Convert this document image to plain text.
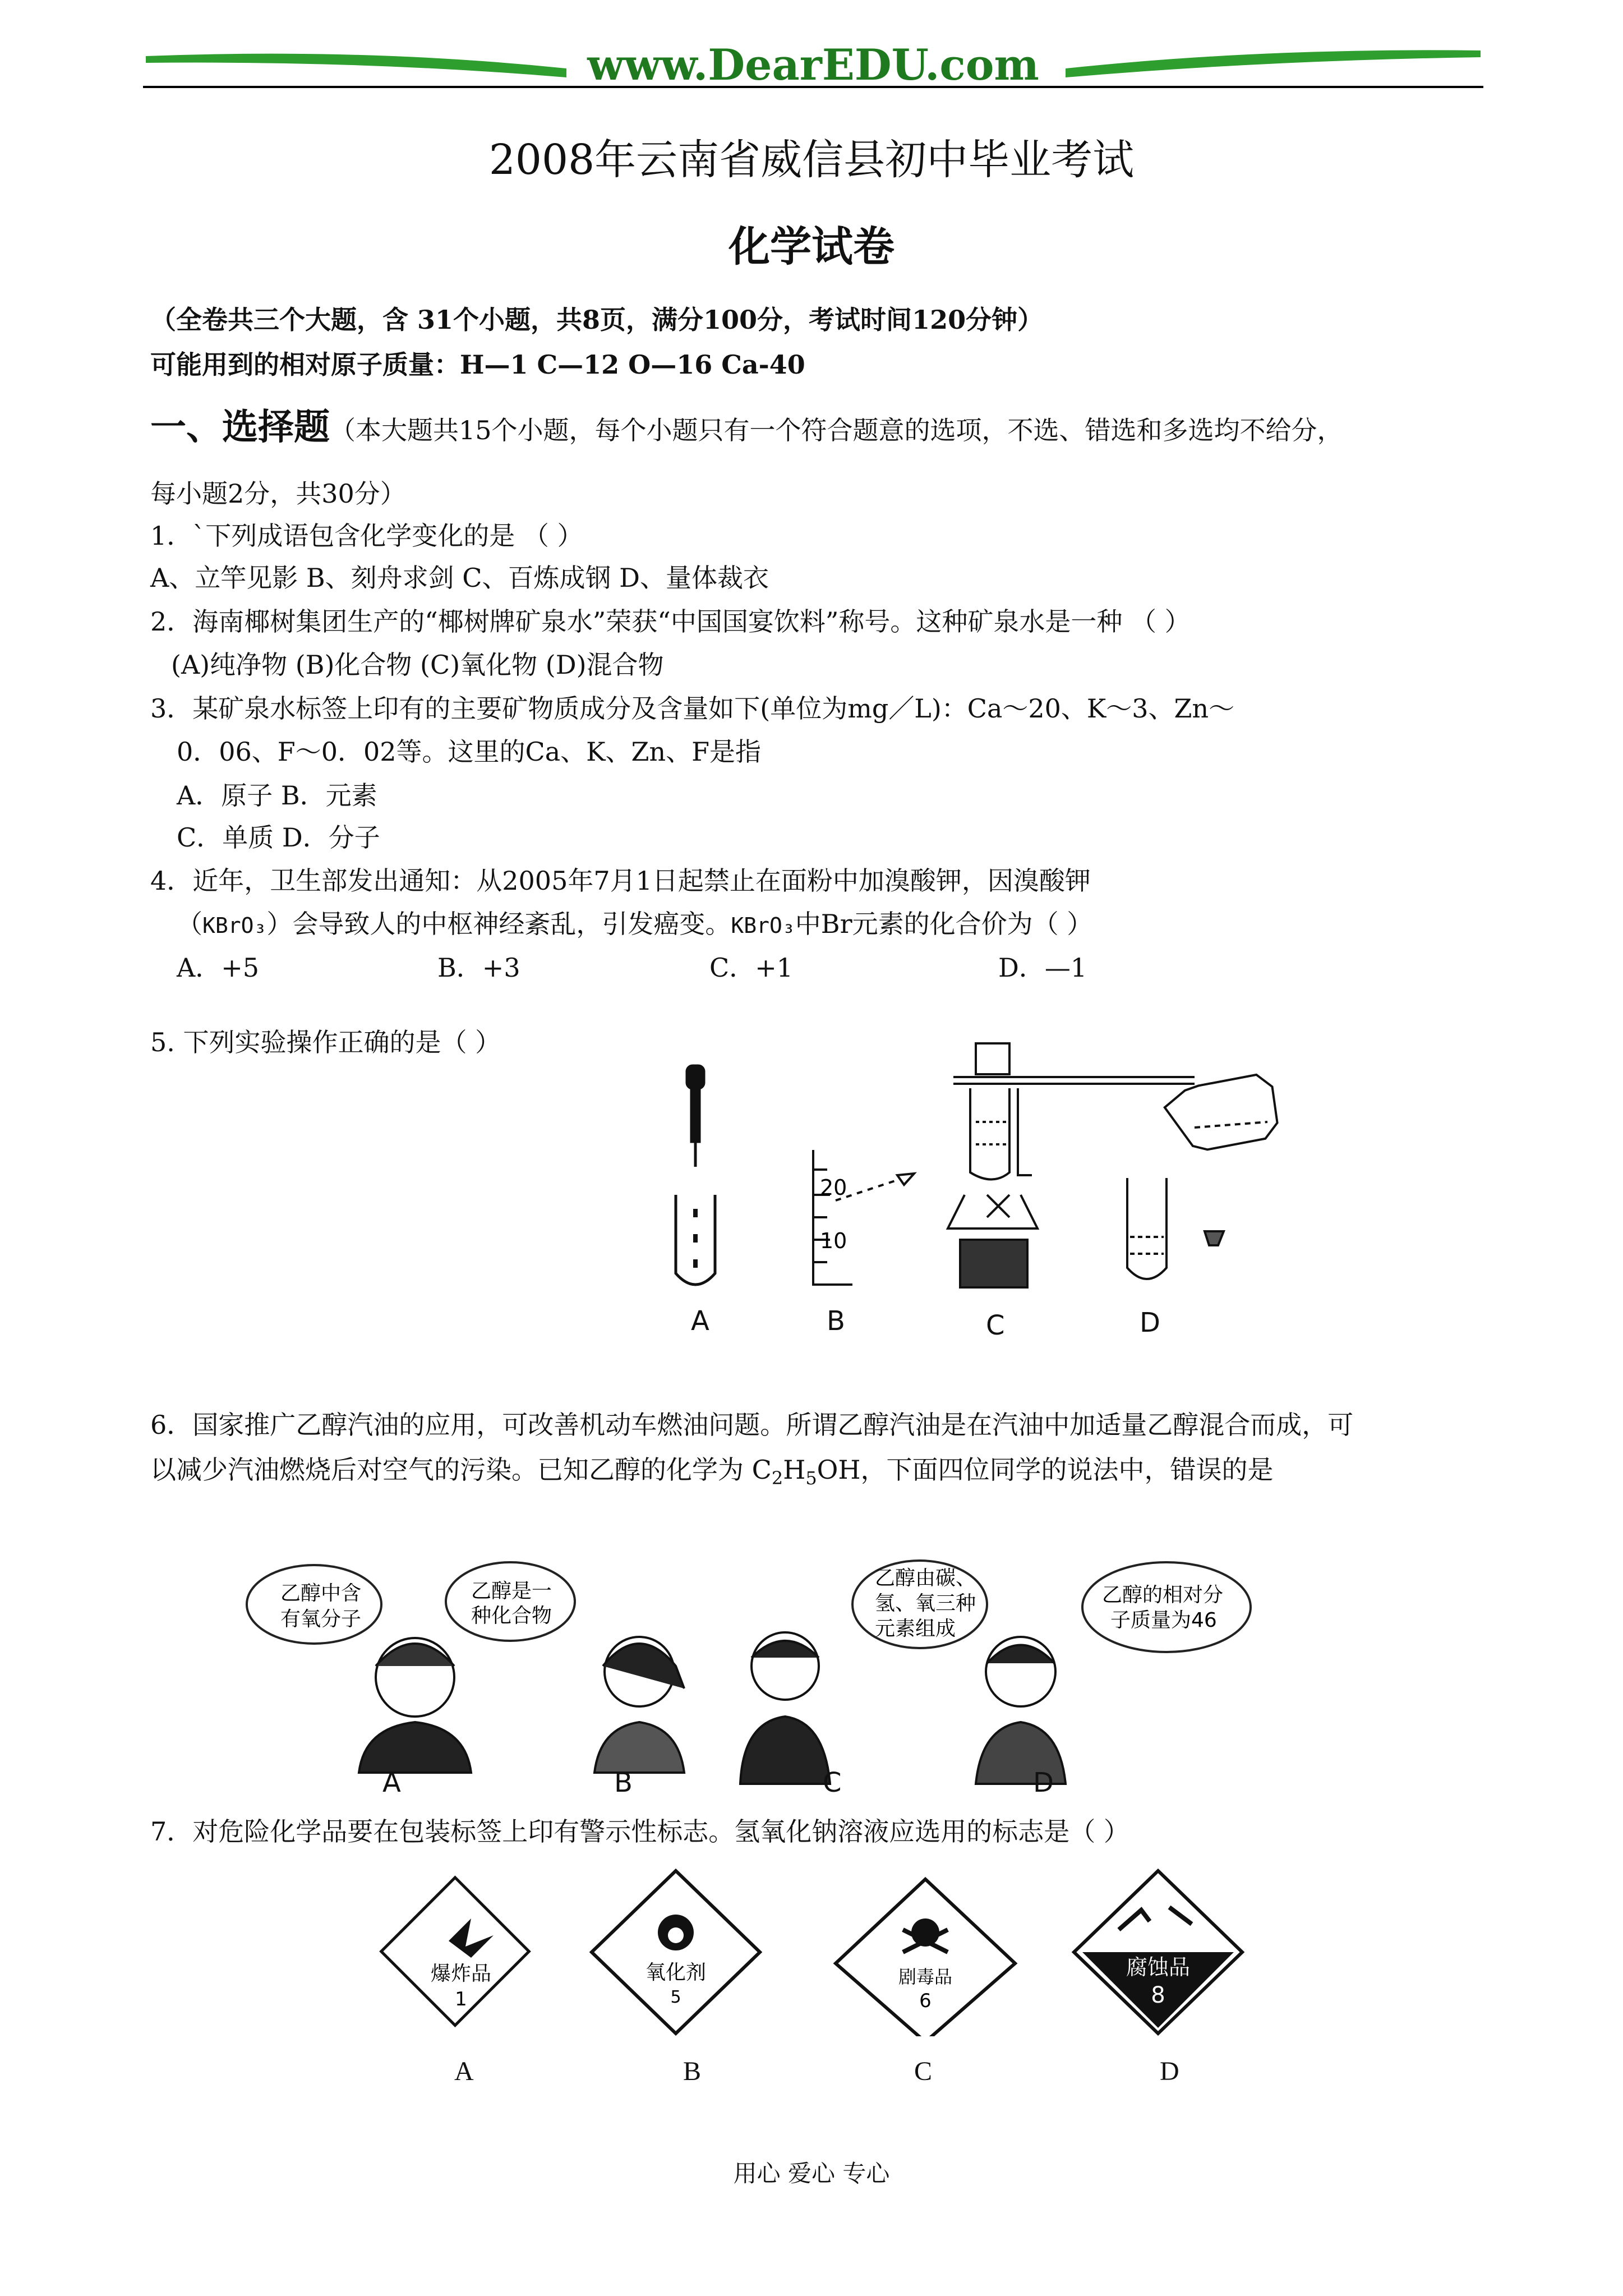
www.DearEDU.com
2008年云南省威信县初中毕业考试
化学试卷
（全卷共三个大题，含 31个小题，共8页，满分100分，考试时间120分钟）
可能用到的相对原子质量：H—1 C—12 O—16 Ca-40
一、选择题（本大题共15个小题，每个小题只有一个符合题意的选项，不选、错选和多选均不给分，
每小题2分，共30分）
1．`下列成语包含化学变化的是 （ ）
A、立竿见影 B、刻舟求剑 C、百炼成钢 D、量体裁衣
2．海南椰树集团生产的“椰树牌矿泉水”荣获“中国国宴饮料”称号。这种矿泉水是一种 （ ）
(A)纯净物 (B)化合物 (C)氧化物 (D)混合物
3．某矿泉水标签上印有的主要矿物质成分及含量如下(单位为mg／L)：Ca～20、K～3、Zn～
0．06、F～0．02等。这里的Ca、K、Zn、F是指
A．原子 B．元素
C．单质 D．分子
4．近年，卫生部发出通知：从2005年7月1日起禁止在面粉中加溴酸钾，因溴酸钾
（KBrO₃）会导致人的中枢神经紊乱，引发癌变。KBrO₃中Br元素的化合价为（ ）
A．+5	B．+3	C．+1	D．—1
5. 下列实验操作正确的是（ ）
20
10
A	B	C	D
6．国家推广乙醇汽油的应用，可改善机动车燃油问题。所谓乙醇汽油是在汽油中加适量乙醇混合而成，可
以减少汽油燃烧后对空气的污染。已知乙醇的化学为 $C_2H_5OH$，下面四位同学的说法中，错误的是
乙醇中含
有氧分子
乙醇是一
种化合物
乙醇由碳、
氢、氧三种
元素组成
乙醇的相对分
子质量为46
A	B	C	D
7．对危险化学品要在包装标签上印有警示性标志。氢氧化钠溶液应选用的标志是（ ）
爆炸品
1
氧化剂
5
剧毒品
6
腐蚀品
8
A	B	C	D
用心 爱心 专心
